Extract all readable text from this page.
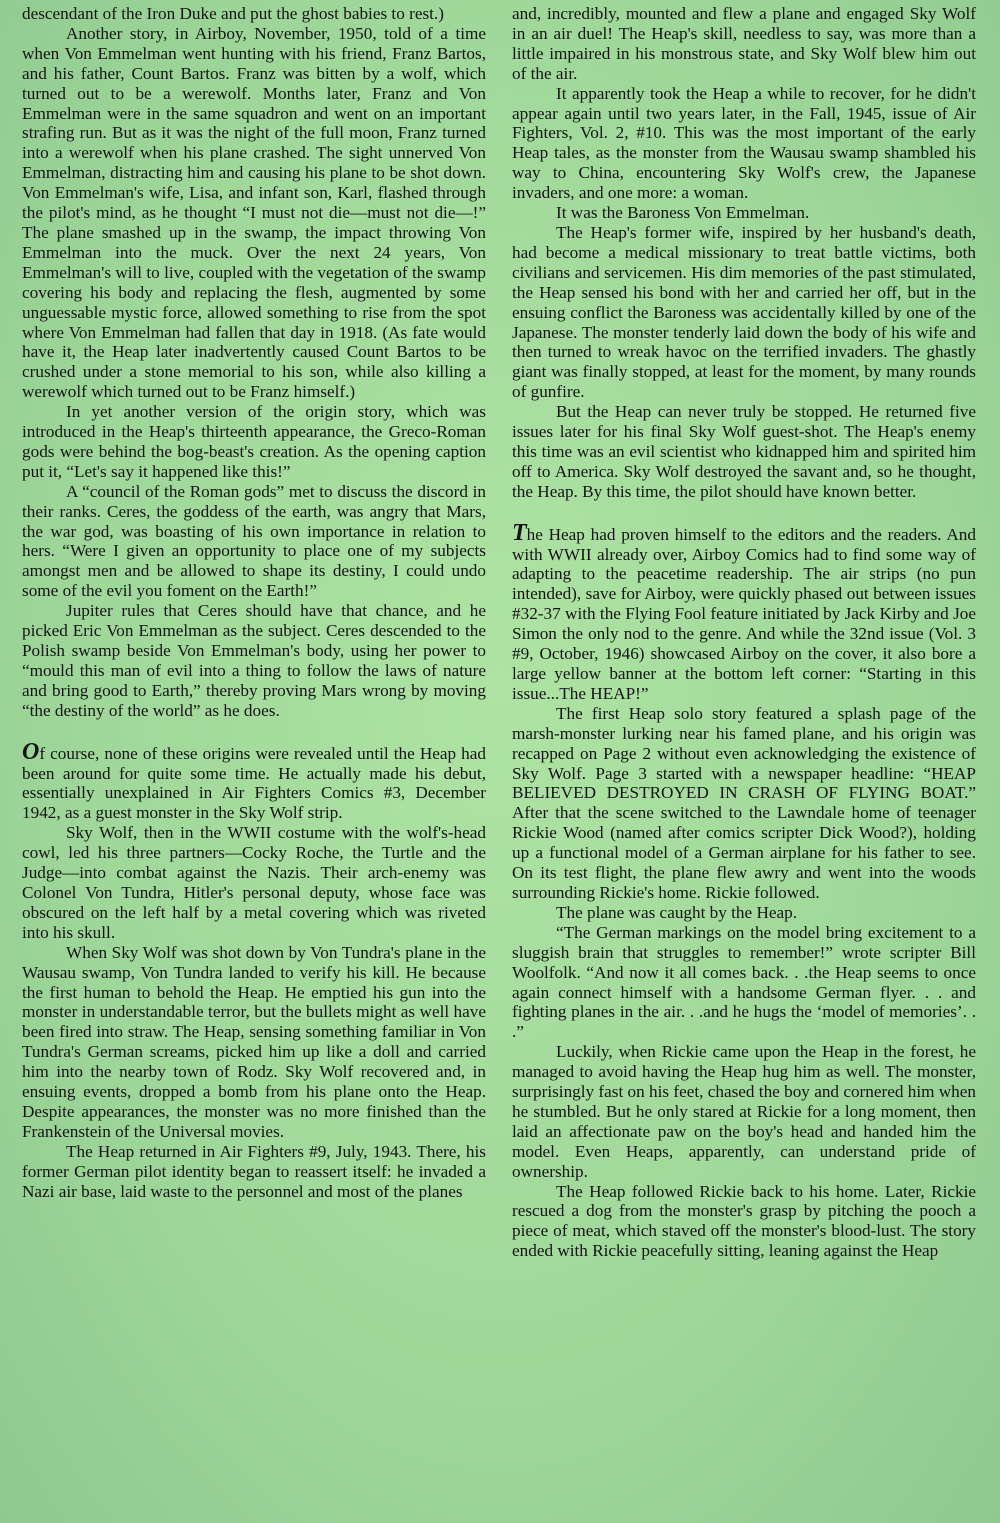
descendant of the Iron Duke and put the ghost babies to rest.)

Another story, in Airboy, November, 1950, told of a time when Von Emmelman went hunting with his friend, Franz Bartos, and his father, Count Bartos. Franz was bitten by a wolf, which turned out to be a werewolf. Months later, Franz and Von Emmelman were in the same squadron and went on an important strafing run. But as it was the night of the full moon, Franz turned into a werewolf when his plane crashed. The sight unnerved Von Emmelman, distracting him and causing his plane to be shot down. Von Emmelman's wife, Lisa, and infant son, Karl, flashed through the pilot's mind, as he thought “I must not die—must not die—!” The plane smashed up in the swamp, the impact throwing Von Emmelman into the muck. Over the next 24 years, Von Emmelman's will to live, coupled with the vegetation of the swamp covering his body and replacing the flesh, augmented by some unguessable mystic force, allowed something to rise from the spot where Von Emmelman had fallen that day in 1918. (As fate would have it, the Heap later inadvertently caused Count Bartos to be crushed under a stone memorial to his son, while also killing a werewolf which turned out to be Franz himself.)

In yet another version of the origin story, which was introduced in the Heap's thirteenth appearance, the Greco-Roman gods were behind the bog-beast's creation. As the opening caption put it, “Let's say it happened like this!”

A “council of the Roman gods” met to discuss the discord in their ranks. Ceres, the goddess of the earth, was angry that Mars, the war god, was boasting of his own importance in relation to hers. “Were I given an opportunity to place one of my subjects amongst men and be allowed to shape its destiny, I could undo some of the evil you foment on the Earth!”

Jupiter rules that Ceres should have that chance, and he picked Eric Von Emmelman as the subject. Ceres descended to the Polish swamp beside Von Emmelman's body, using her power to “mould this man of evil into a thing to follow the laws of nature and bring good to Earth,” thereby proving Mars wrong by moving “the destiny of the world” as he does.

Of course, none of these origins were revealed until the Heap had been around for quite some time. He actually made his debut, essentially unexplained in Air Fighters Comics #3, December 1942, as a guest monster in the Sky Wolf strip.

Sky Wolf, then in the WWII costume with the wolf's-head cowl, led his three partners—Cocky Roche, the Turtle and the Judge—into combat against the Nazis. Their arch-enemy was Colonel Von Tundra, Hitler's personal deputy, whose face was obscured on the left half by a metal covering which was riveted into his skull.

When Sky Wolf was shot down by Von Tundra's plane in the Wausau swamp, Von Tundra landed to verify his kill. He because the first human to behold the Heap. He emptied his gun into the monster in understandable terror, but the bullets might as well have been fired into straw. The Heap, sensing something familiar in Von Tundra's German screams, picked him up like a doll and carried him into the nearby town of Rodz. Sky Wolf recovered and, in ensuing events, dropped a bomb from his plane onto the Heap. Despite appearances, the monster was no more finished than the Frankenstein of the Universal movies.

The Heap returned in Air Fighters #9, July, 1943. There, his former German pilot identity began to reassert itself: he invaded a Nazi air base, laid waste to the personnel and most of the planes

and, incredibly, mounted and flew a plane and engaged Sky Wolf in an air duel! The Heap's skill, needless to say, was more than a little impaired in his monstrous state, and Sky Wolf blew him out of the air.

It apparently took the Heap a while to recover, for he didn't appear again until two years later, in the Fall, 1945, issue of Air Fighters, Vol. 2, #10. This was the most important of the early Heap tales, as the monster from the Wausau swamp shambled his way to China, encountering Sky Wolf's crew, the Japanese invaders, and one more: a woman.

It was the Baroness Von Emmelman.

The Heap's former wife, inspired by her husband's death, had become a medical missionary to treat battle victims, both civilians and servicemen. His dim memories of the past stimulated, the Heap sensed his bond with her and carried her off, but in the ensuing conflict the Baroness was accidentally killed by one of the Japanese. The monster tenderly laid down the body of his wife and then turned to wreak havoc on the terrified invaders. The ghastly giant was finally stopped, at least for the moment, by many rounds of gunfire.

But the Heap can never truly be stopped. He returned five issues later for his final Sky Wolf guest-shot. The Heap's enemy this time was an evil scientist who kidnapped him and spirited him off to America. Sky Wolf destroyed the savant and, so he thought, the Heap. By this time, the pilot should have known better.

The Heap had proven himself to the editors and the readers. And with WWII already over, Airboy Comics had to find some way of adapting to the peacetime readership. The air strips (no pun intended), save for Airboy, were quickly phased out between issues #32-37 with the Flying Fool feature initiated by Jack Kirby and Joe Simon the only nod to the genre. And while the 32nd issue (Vol. 3 #9, October, 1946) showcased Airboy on the cover, it also bore a large yellow banner at the bottom left corner: “Starting in this issue...The HEAP!”

The first Heap solo story featured a splash page of the marsh-monster lurking near his famed plane, and his origin was recapped on Page 2 without even acknowledging the existence of Sky Wolf. Page 3 started with a newspaper headline: “HEAP BELIEVED DESTROYED IN CRASH OF FLYING BOAT.” After that the scene switched to the Lawndale home of teenager Rickie Wood (named after comics scripter Dick Wood?), holding up a functional model of a German airplane for his father to see. On its test flight, the plane flew awry and went into the woods surrounding Rickie's home. Rickie followed.

The plane was caught by the Heap.

“The German markings on the model bring excitement to a sluggish brain that struggles to remember!” wrote scripter Bill Woolfolk. “And now it all comes back. . .the Heap seems to once again connect himself with a handsome German flyer. . . and fighting planes in the air. . .and he hugs the ‘model of memories’. . .”

Luckily, when Rickie came upon the Heap in the forest, he managed to avoid having the Heap hug him as well. The monster, surprisingly fast on his feet, chased the boy and cornered him when he stumbled. But he only stared at Rickie for a long moment, then laid an affectionate paw on the boy's head and handed him the model. Even Heaps, apparently, can understand pride of ownership.

The Heap followed Rickie back to his home. Later, Rickie rescued a dog from the monster's grasp by pitching the pooch a piece of meat, which staved off the monster's blood-lust. The story ended with Rickie peacefully sitting, leaning against the Heap
